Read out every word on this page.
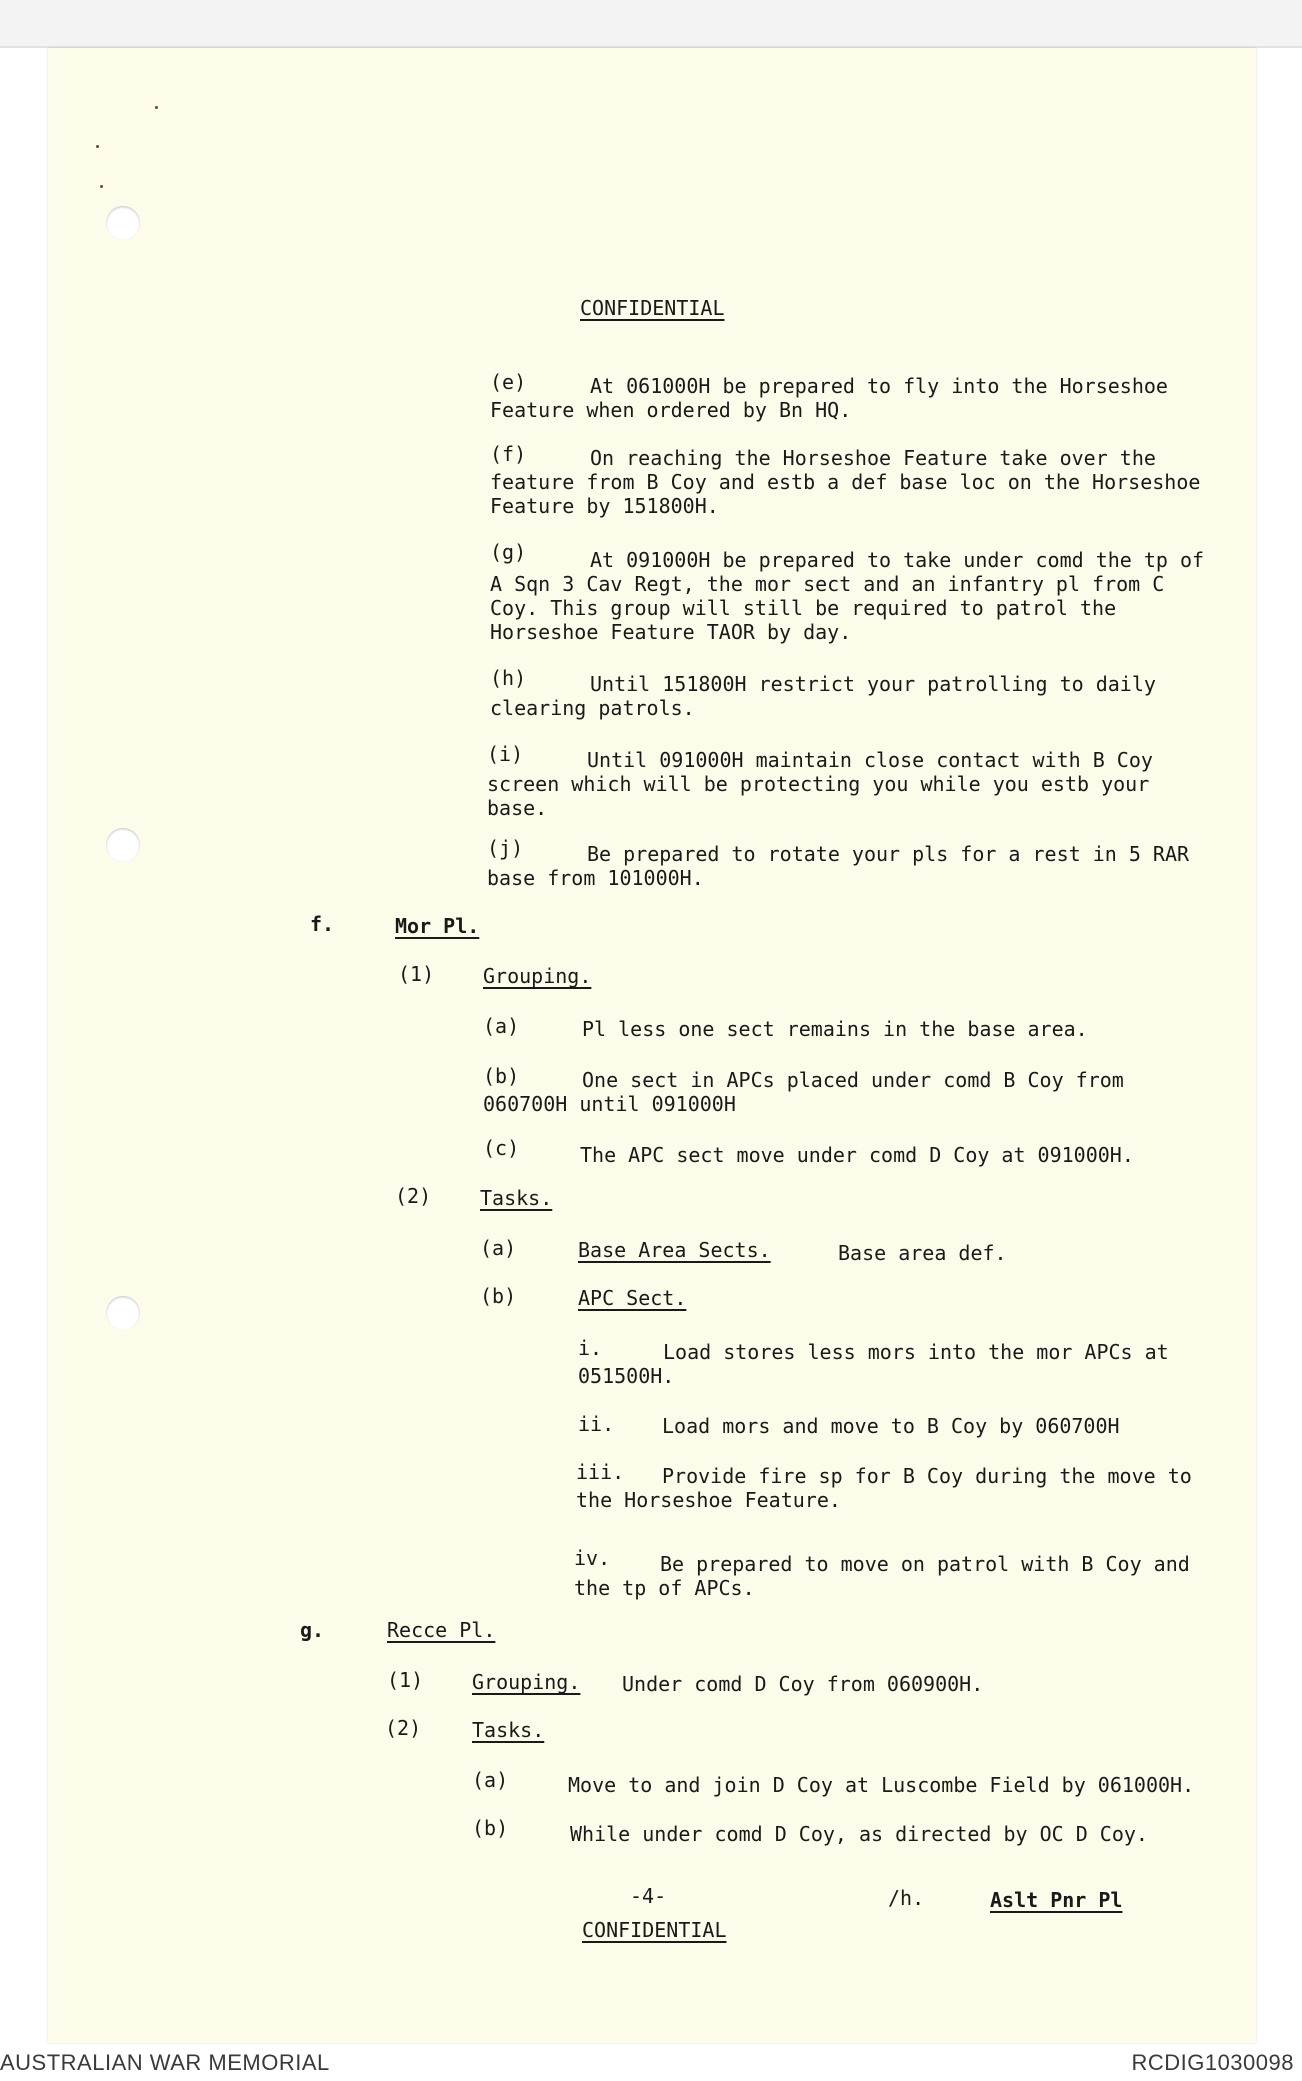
CONFIDENTIAL
(e)	At 061000H be prepared to fly into the Horseshoe Feature when ordered by Bn HQ.
(f)	On reaching the Horseshoe Feature take over the feature from B Coy and estb a def base loc on the Horseshoe Feature by 151800H.
(g)	At 091000H be prepared to take under comd the tp of A Sqn 3 Cav Regt, the mor sect and an infantry pl from C Coy. This group will still be required to patrol the Horseshoe Feature TAOR by day.
(h)	Until 151800H restrict your patrolling to daily clearing patrols.
(i)	Until 091000H maintain close contact with B Coy screen which will be protecting you while you estb your base.
(j)	Be prepared to rotate your pls for a rest in 5 RAR base from 101000H.
f.	Mor Pl.
(1) Grouping.
(a)	Pl less one sect remains in the base area.
(b)	One sect in APCs placed under comd B Coy from 060700H until 091000H
(c)	The APC sect move under comd D Coy at 091000H.
(2) Tasks.
(a)	Base Area Sects.	Base area def.
(b)	APC Sect.
i.	Load stores less mors into the mor APCs at 051500H.
ii. Load mors and move to B Coy by 060700H
iii.	Provide fire sp for B Coy during the move to the Horseshoe Feature.
iv.	Be prepared to move on patrol with B Coy and the tp of APCs.
g.	Recce Pl.
(1) Grouping. Under comd D Coy from 060900H.
(2)	Tasks.
(a)	Move to and join D Coy at Luscombe Field by 061000H.
(b)	While under comd D Coy, as directed by OC D Coy.
-4-	/h.	Aslt Pnr Pl
CONFIDENTIAL
AUSTRALIAN WAR MEMORIAL	RCDIG1030098
